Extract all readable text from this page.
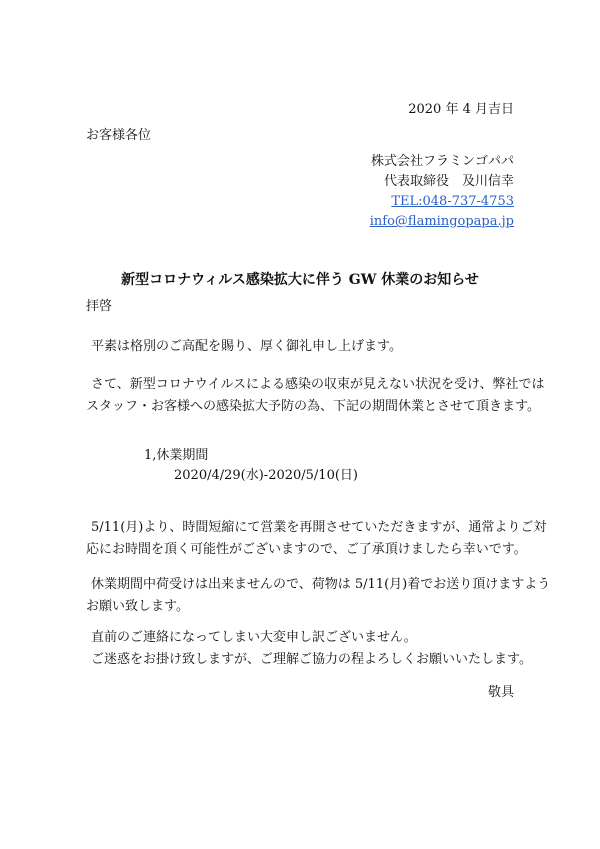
2020 年 4 月吉日
お客様各位
株式会社フラミンゴパパ
代表取締役　及川信幸
TEL:048-737-4753
info@flamingopapa.jp
新型コロナウィルス感染拡大に伴う GW 休業のお知らせ
拝啓
平素は格別のご高配を賜り、厚く御礼申し上げます。
さて、新型コロナウイルスによる感染の収束が見えない状況を受け、弊社では
スタッフ・お客様への感染拡大予防の為、下記の期間休業とさせて頂きます。
1,休業期間
2020/4/29(水)-2020/5/10(日)
5/11(月)より、時間短縮にて営業を再開させていただきますが、通常よりご対
応にお時間を頂く可能性がございますので、ご了承頂けましたら幸いです。
休業期間中荷受けは出来ませんので、荷物は 5/11(月)着でお送り頂けますよう
お願い致します。
直前のご連絡になってしまい大変申し訳ございません。
ご迷惑をお掛け致しますが、ご理解ご協力の程よろしくお願いいたします。
敬具
